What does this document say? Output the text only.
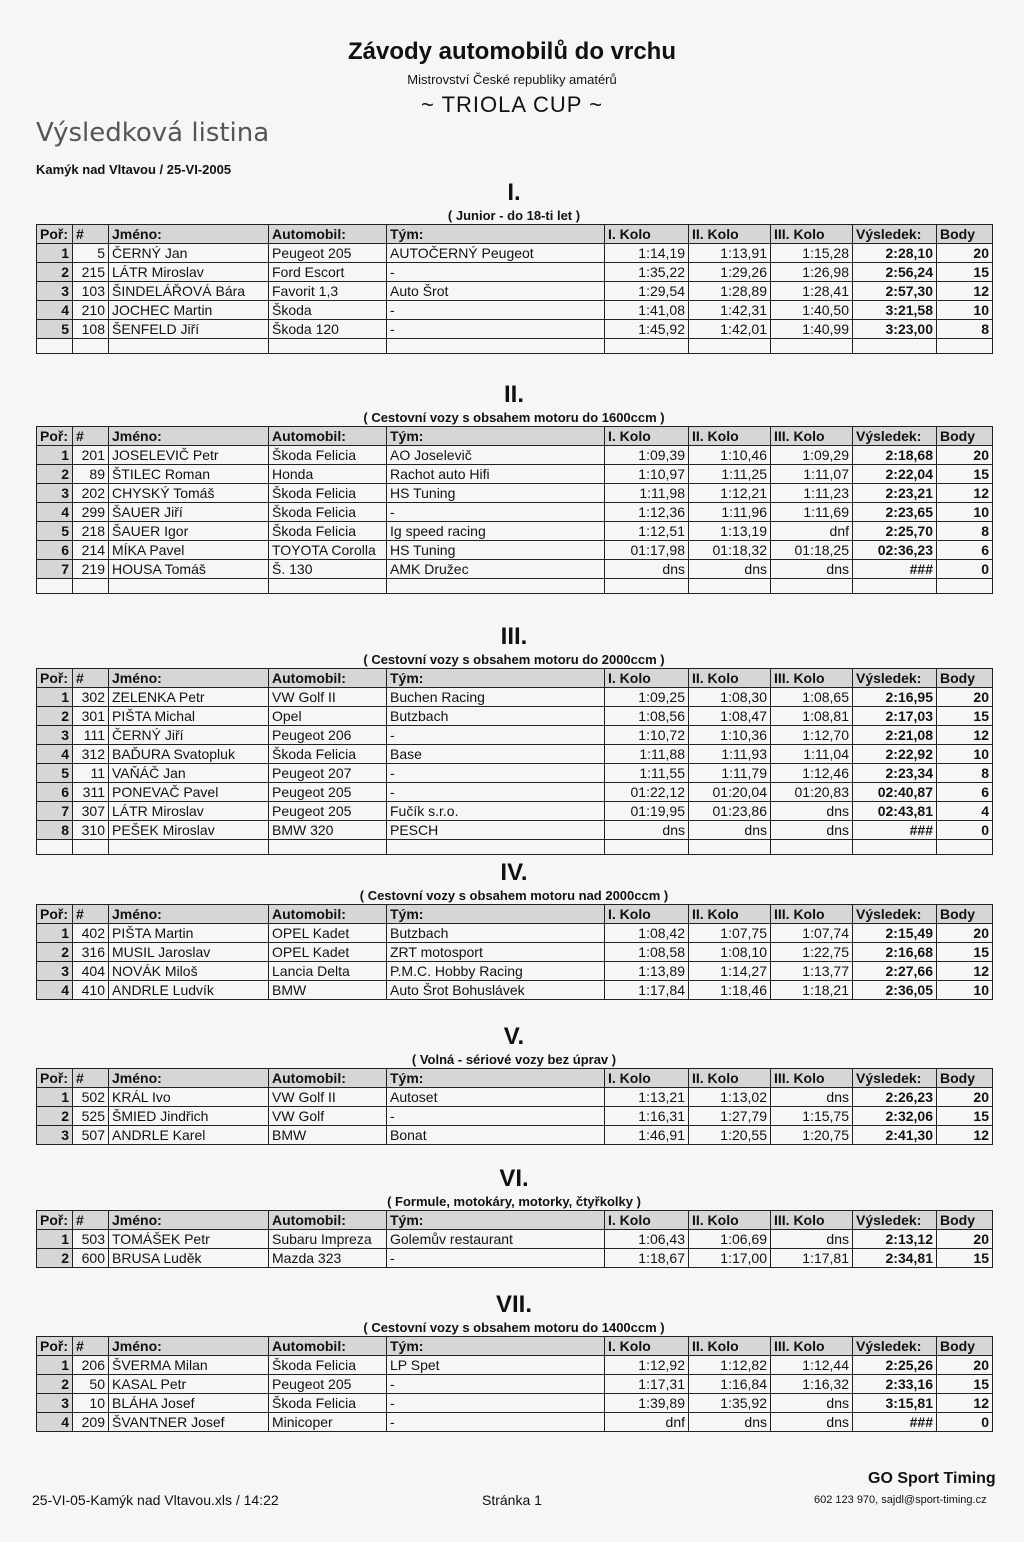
Závody automobilů do vrchu
Mistrovství České republiky amatérů
~ TRIOLA CUP ~
Výsledková listina
Kamýk nad Vltavou / 25-VI-2005
I.
( Junior - do 18-ti let )
Poř:	#	Jméno:	Automobil:	Tým:	I. Kolo	II. Kolo	III. Kolo	Výsledek:	Body
1	5	ČERNÝ Jan	Peugeot 205	AUTOČERNÝ Peugeot	1:14,19	1:13,91	1:15,28	2:28,10	20
2	215	LÁTR Miroslav	Ford Escort	-	1:35,22	1:29,26	1:26,98	2:56,24	15
3	103	ŠINDELÁŘOVÁ Bára	Favorit 1,3	Auto Šrot	1:29,54	1:28,89	1:28,41	2:57,30	12
4	210	JOCHEC Martin	Škoda	-	1:41,08	1:42,31	1:40,50	3:21,58	10
5	108	ŠENFELD Jiří	Škoda 120	-	1:45,92	1:42,01	1:40,99	3:23,00	8

II.
( Cestovní vozy s obsahem motoru do 1600ccm )
Poř:	#	Jméno:	Automobil:	Tým:	I. Kolo	II. Kolo	III. Kolo	Výsledek:	Body
1	201	JOSELEVIČ Petr	Škoda Felicia	AO Joselevič	1:09,39	1:10,46	1:09,29	2:18,68	20
2	89	ŠTILEC Roman	Honda	Rachot auto Hifi	1:10,97	1:11,25	1:11,07	2:22,04	15
3	202	CHYSKÝ Tomáš	Škoda Felicia	HS Tuning	1:11,98	1:12,21	1:11,23	2:23,21	12
4	299	ŠAUER Jiří	Škoda Felicia	-	1:12,36	1:11,96	1:11,69	2:23,65	10
5	218	ŠAUER Igor	Škoda Felicia	Ig speed racing	1:12,51	1:13,19	dnf	2:25,70	8
6	214	MÍKA Pavel	TOYOTA Corolla	HS Tuning	01:17,98	01:18,32	01:18,25	02:36,23	6
7	219	HOUSA Tomáš	Š. 130	AMK Družec	dns	dns	dns	###	0

III.
( Cestovní vozy s obsahem motoru do 2000ccm )
Poř:	#	Jméno:	Automobil:	Tým:	I. Kolo	II. Kolo	III. Kolo	Výsledek:	Body
1	302	ZELENKA Petr	VW Golf II	Buchen Racing	1:09,25	1:08,30	1:08,65	2:16,95	20
2	301	PIŠTA Michal	Opel	Butzbach	1:08,56	1:08,47	1:08,81	2:17,03	15
3	111	ČERNÝ Jiří	Peugeot 206	-	1:10,72	1:10,36	1:12,70	2:21,08	12
4	312	BAĎURA Svatopluk	Škoda Felicia	Base	1:11,88	1:11,93	1:11,04	2:22,92	10
5	11	VAŇÁČ Jan	Peugeot 207	-	1:11,55	1:11,79	1:12,46	2:23,34	8
6	311	PONEVAČ Pavel	Peugeot 205	-	01:22,12	01:20,04	01:20,83	02:40,87	6
7	307	LÁTR Miroslav	Peugeot 205	Fučík s.r.o.	01:19,95	01:23,86	dns	02:43,81	4
8	310	PEŠEK Miroslav	BMW 320	PESCH	dns	dns	dns	###	0

IV.
( Cestovní vozy s obsahem motoru nad 2000ccm )
Poř:	#	Jméno:	Automobil:	Tým:	I. Kolo	II. Kolo	III. Kolo	Výsledek:	Body
1	402	PIŠTA Martin	OPEL Kadet	Butzbach	1:08,42	1:07,75	1:07,74	2:15,49	20
2	316	MUSIL Jaroslav	OPEL Kadet	ZRT motosport	1:08,58	1:08,10	1:22,75	2:16,68	15
3	404	NOVÁK Miloš	Lancia Delta	P.M.C. Hobby Racing	1:13,89	1:14,27	1:13,77	2:27,66	12
4	410	ANDRLE Ludvík	BMW	Auto Šrot Bohuslávek	1:17,84	1:18,46	1:18,21	2:36,05	10
V.
( Volná - sériové vozy bez úprav )
Poř:	#	Jméno:	Automobil:	Tým:	I. Kolo	II. Kolo	III. Kolo	Výsledek:	Body
1	502	KRÁL Ivo	VW Golf II	Autoset	1:13,21	1:13,02	dns	2:26,23	20
2	525	ŠMIED Jindřich	VW Golf	-	1:16,31	1:27,79	1:15,75	2:32,06	15
3	507	ANDRLE Karel	BMW	Bonat	1:46,91	1:20,55	1:20,75	2:41,30	12
VI.
( Formule, motokáry, motorky, čtyřkolky )
Poř:	#	Jméno:	Automobil:	Tým:	I. Kolo	II. Kolo	III. Kolo	Výsledek:	Body
1	503	TOMÁŠEK Petr	Subaru Impreza	Golemův restaurant	1:06,43	1:06,69	dns	2:13,12	20
2	600	BRUSA Luděk	Mazda 323	-	1:18,67	1:17,00	1:17,81	2:34,81	15
VII.
( Cestovní vozy s obsahem motoru do 1400ccm )
Poř:	#	Jméno:	Automobil:	Tým:	I. Kolo	II. Kolo	III. Kolo	Výsledek:	Body
1	206	ŠVERMA Milan	Škoda Felicia	LP Spet	1:12,92	1:12,82	1:12,44	2:25,26	20
2	50	KASAL Petr	Peugeot 205	-	1:17,31	1:16,84	1:16,32	2:33,16	15
3	10	BLÁHA Josef	Škoda Felicia	-	1:39,89	1:35,92	dns	3:15,81	12
4	209	ŠVANTNER Josef	Minicoper	-	dnf	dns	dns	###	0
25-VI-05-Kamýk nad Vltavou.xls / 14:22	Stránka 1
GO Sport Timing
602 123 970, sajdl@sport-timing.cz
